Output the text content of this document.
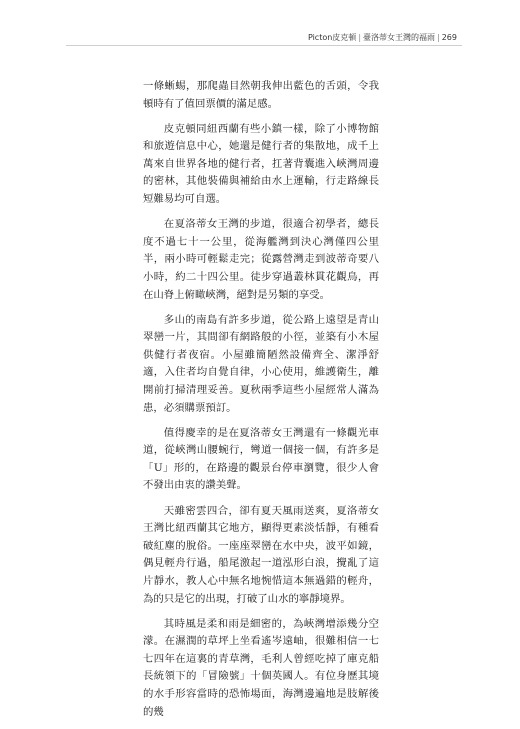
Picton皮克頓 | 臺洛蒂女王灣的福雨 | 269

一條蜥蜴，那爬蟲目然朝我伸出藍色的舌頭，令我頓時有了值回票價的滿足感。

皮克頓同紐西蘭有些小鎮一樣，除了小博物館和旅遊信息中心，她還是健行者的集散地，成千上萬來自世界各地的健行者，扛著背囊進入峽灣周邊的密林，其他裝備與補給由水上運輸，行走路線長短難易均可自選。

在夏洛蒂女王灣的步道，很適合初學者，總長度不過七十一公里，從海艦灣到決心灣僅四公里半，兩小時可輕鬆走完；從露營灣走到波蒂奇要八小時，約二十四公里。徒步穿過叢林貫花觀鳥，再在山脊上俯瞰峽灣，絕對是另類的享受。

多山的南島有許多步道，從公路上遠望是青山翠巒一片，其間卻有網路般的小徑，並築有小木屋供健行者夜宿。小屋雖簡陋然設備齊全、潔淨舒適，入住者均自覺自律，小心使用，維護衛生，離開前打掃清理妥善。夏秋兩季這些小屋經常人滿為患，必須購票預訂。

值得慶幸的是在夏洛蒂女王灣還有一條觀光車道，從峽灣山腰蜿行，彎道一個接一個，有許多是「U」形的，在路邊的觀景台停車瀏覽，很少人會不發出由衷的讚美聲。

天雖密雲四合，卻有夏天風雨送爽，夏洛蒂女王灣比紐西蘭其它地方，顯得更素淡恬靜，有種看破紅塵的脫俗。一座座翠巒在水中央，波平如鏡，偶見輕舟行過，船尾激起一道泓形白浪，攪亂了這片靜水，教人心中無名地惋惜這本無過錯的輕舟，為的只是它的出現，打破了山水的寧靜境界。

其時風是柔和雨是細密的，為峽灣增添幾分空濛。在濕潤的草坪上坐看遙岑遠岫，很難相信一七七四年在這裏的青草灣，毛利人曾經吃掉了庫克船長統領下的「冒險號」十個英國人。有位身歷其境的水手形容當時的恐怖場面，海灣邊遍地是肢解後的幾
